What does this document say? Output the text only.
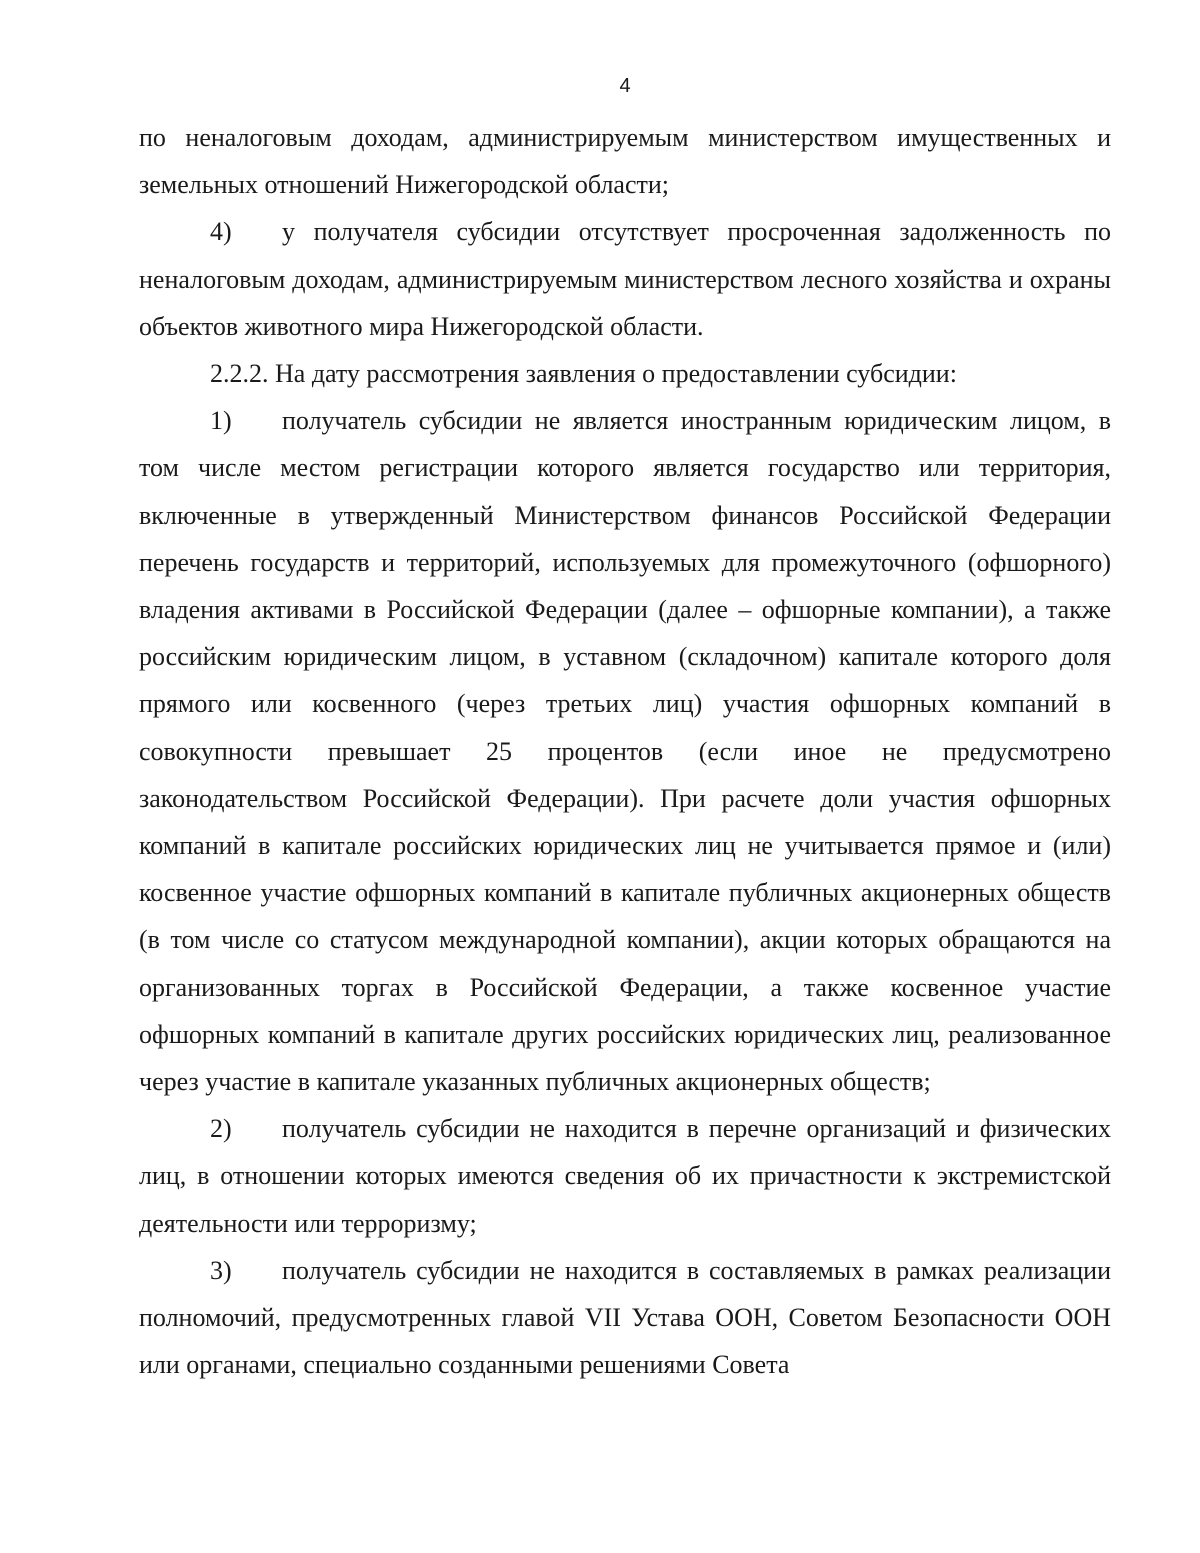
4

по неналоговым доходам, администрируемым министерством имущественных и земельных отношений Нижегородской области;

4) у получателя субсидии отсутствует просроченная задолженность по неналоговым доходам, администрируемым министерством лесного хозяйства и охраны объектов животного мира Нижегородской области.

2.2.2. На дату рассмотрения заявления о предоставлении субсидии:

1) получатель субсидии не является иностранным юридическим лицом, в том числе местом регистрации которого является государство или территория, включенные в утвержденный Министерством финансов Российской Федерации перечень государств и территорий, используемых для промежуточного (офшорного) владения активами в Российской Федерации (далее – офшорные компании), а также российским юридическим лицом, в уставном (складочном) капитале которого доля прямого или косвенного (через третьих лиц) участия офшорных компаний в совокупности превышает 25 процентов (если иное не предусмотрено законодательством Российской Федерации). При расчете доли участия офшорных компаний в капитале российских юридических лиц не учитывается прямое и (или) косвенное участие офшорных компаний в капитале публичных акционерных обществ (в том числе со статусом международной компании), акции которых обращаются на организованных торгах в Российской Федерации, а также косвенное участие офшорных компаний в капитале других российских юридических лиц, реализованное через участие в капитале указанных публичных акционерных обществ;

2) получатель субсидии не находится в перечне организаций и физических лиц, в отношении которых имеются сведения об их причастности к экстремистской деятельности или терроризму;

3) получатель субсидии не находится в составляемых в рамках реализации полномочий, предусмотренных главой VII Устава ООН, Советом Безопасности ООН или органами, специально созданными решениями Совета
